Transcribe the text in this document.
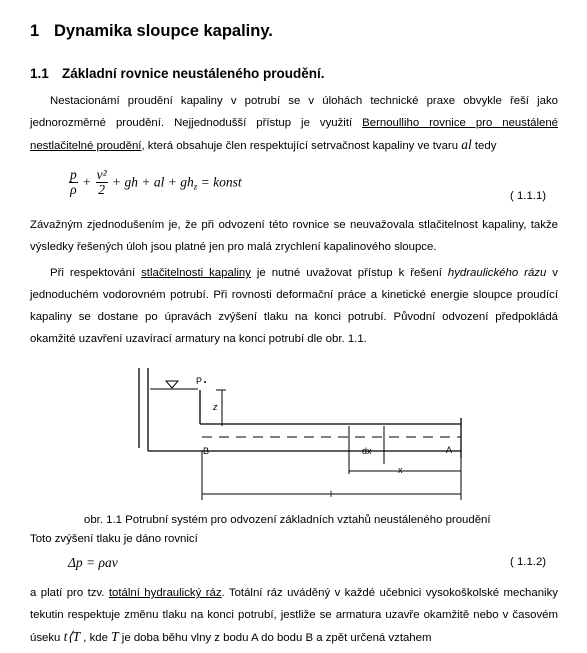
1 Dynamika sloupce kapaliny.
1.1 Základní rovnice neustáleného proudění.
Nestacionámí proudění kapaliny v potrubí se v úlohách technické praxe obvykle řeší jako jednorozměrné proudění. Nejjednodušší přístup je využití Bernoulliho rovnice pro neustálené nestlačitelné proudění, která obsahuje člen respektující setrvačnost kapaliny ve tvaru al tedy
$\frac{p}{\rho} + \frac{\text{v²}}{2}$ + gh + al + $gh_z$ = konst
( 1.1.1)
Závažným zjednodušením je, že při odvození této rovnice se neuvažovala stlačitelnost kapaliny, takže výsledky řešených úloh jsou platné jen pro malá zrychlení kapalinového sloupce.
Při respektování stlačitelnosti kapaliny je nutné uvažovat přístup k řešení hydraulického rázu v jednoduchém vodorovném potrubí. Při rovnosti deformační práce a kinetické energie sloupce proudící kapaliny se dostane po úpravách zvýšení tlaku na konci potrubí. Původní odvození předpokládá okamžité uzavření uzavírací armatury na konci potrubí dle obr. 1.1.
P
z
B	A
dx
x
l
obr. 1.1 Potrubní systém pro odvození základních vztahů neustáleného proudění
Toto zvýšení tlaku je dáno rovnicí
Δp = ρav	( 1.1.2)
a platí pro tzv. totální hydraulický ráz. Totální ráz uváděný v každé učebnici vysokoškolské mechaniky tekutin respektuje změnu tlaku na konci potrubí, jestliže se armatura uzavře okamžitě nebo v časovém úseku t⟨T , kde T je doba běhu vlny z bodu A do bodu B a zpět určená vztahem
